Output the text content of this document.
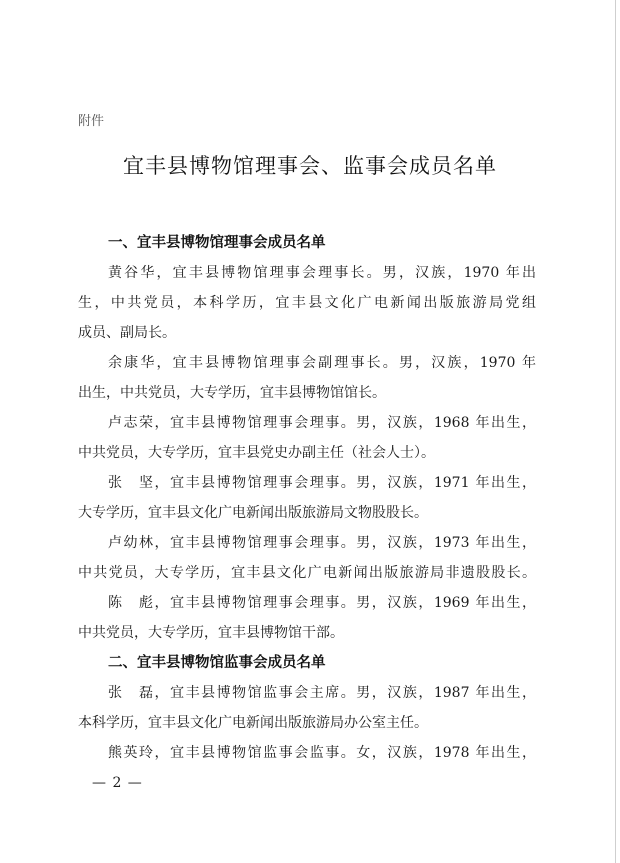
附件
宜丰县博物馆理事会、监事会成员名单
一、宜丰县博物馆理事会成员名单
黄谷华，宜丰县博物馆理事会理事长。男，汉族，1970 年出
生，中共党员，本科学历，宜丰县文化广电新闻出版旅游局党组
成员、副局长。
余康华，宜丰县博物馆理事会副理事长。男，汉族，1970 年
出生，中共党员，大专学历，宜丰县博物馆馆长。
卢志荣，宜丰县博物馆理事会理事。男，汉族，1968 年出生，
中共党员，大专学历，宜丰县党史办副主任（社会人士）。
张　坚，宜丰县博物馆理事会理事。男，汉族，1971 年出生，
大专学历，宜丰县文化广电新闻出版旅游局文物股股长。
卢幼林，宜丰县博物馆理事会理事。男，汉族，1973 年出生，
中共党员，大专学历，宜丰县文化广电新闻出版旅游局非遗股股长。
陈　彪，宜丰县博物馆理事会理事。男，汉族，1969 年出生，
中共党员，大专学历，宜丰县博物馆干部。
二、宜丰县博物馆监事会成员名单
张　磊，宜丰县博物馆监事会主席。男，汉族，1987 年出生，
本科学历，宜丰县文化广电新闻出版旅游局办公室主任。
熊英玲，宜丰县博物馆监事会监事。女，汉族，1978 年出生，
— 2 —
